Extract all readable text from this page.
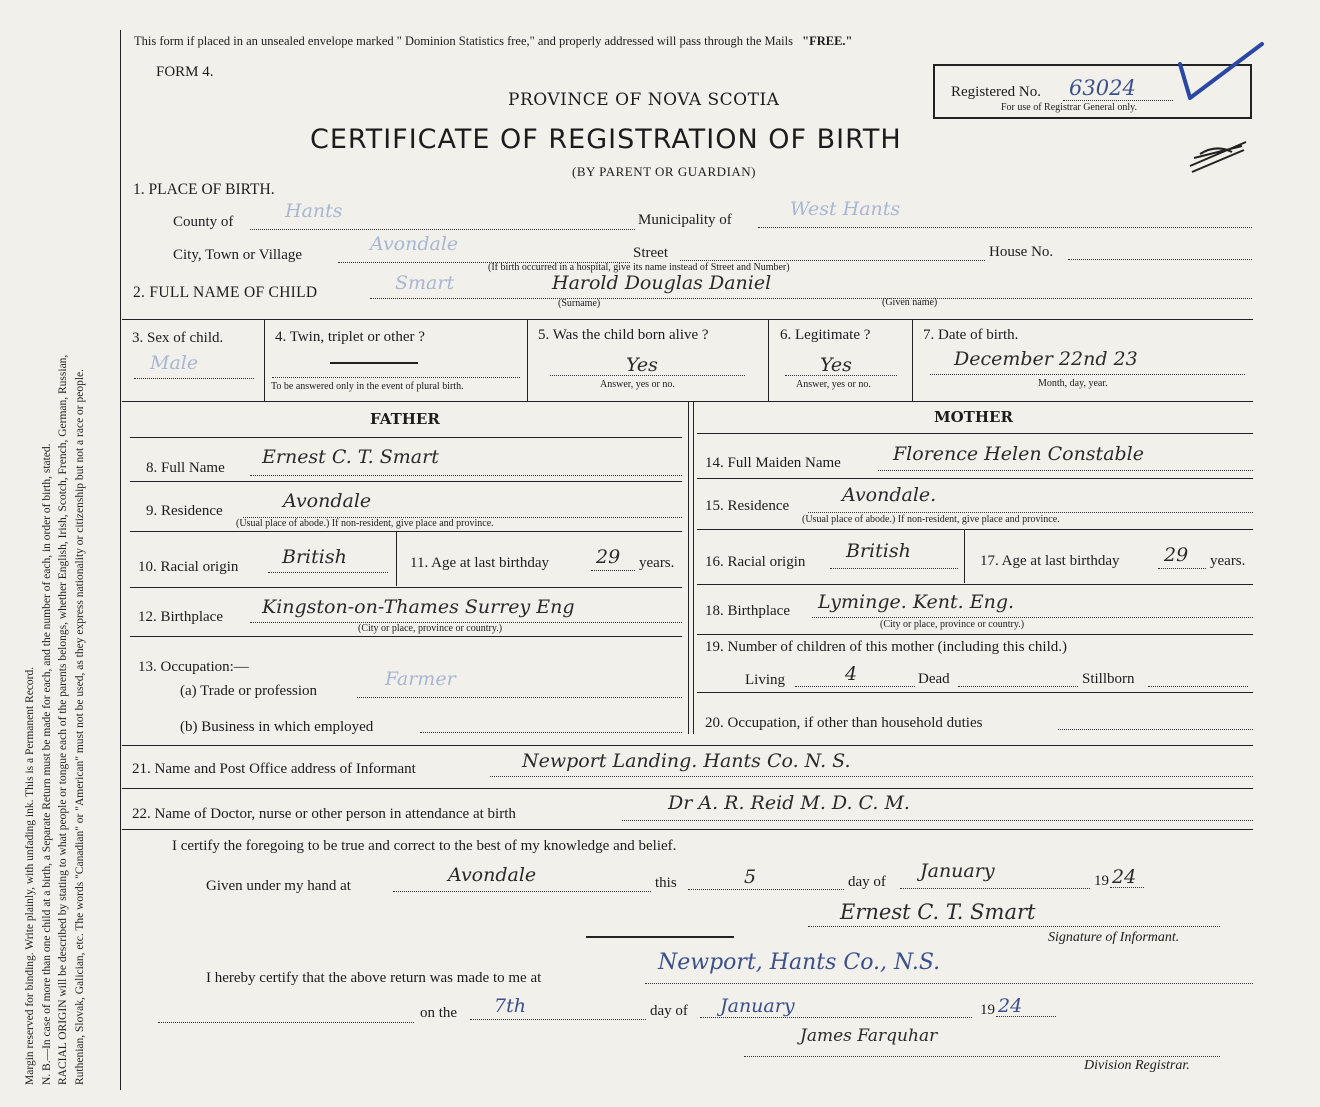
Margin reserved for binding. Write plainly, with unfading ink. This is a Permanent Record. N. B.—In case of more than one child at a birth, a Separate Return must be made for each, and the number of each, in order of birth, stated. RACIAL ORIGIN will be described by stating to what people or tongue each of the parents belongs, whether English, Irish, Scotch, French, German, Russian, Ruthenian, Slovak, Galician, etc. The words "Canadian" or "American" must not be used, as they express nationality or citizenship but not a race or people.
This form if placed in an unsealed envelope marked " Dominion Statistics free," and properly addressed will pass through the Mails "FREE."
FORM 4.
PROVINCE OF NOVA SCOTIA
CERTIFICATE OF REGISTRATION OF BIRTH
(BY PARENT OR GUARDIAN)
Registered No. 63024
For use of Registrar General only.
1. PLACE OF BIRTH.
County of	Hants	Municipality of	West Hants
City, Town or Village	Avondale	Street	House No.
(If birth occurred in a hospital, give its name instead of Street and Number)
2. FULL NAME OF CHILD	Smart	Harold Douglas Daniel
(Surname)	(Given name)
3. Sex of child.
Male
4. Twin, triplet or other ?
To be answered only in the event of plural birth.
5. Was the child born alive ?
Yes
Answer, yes or no.
6. Legitimate ?
Yes
Answer, yes or no.
7. Date of birth.
December 22nd 23
Month, day, year.
FATHER	MOTHER
8. Full Name Ernest C. T. Smart
9. Residence	Avondale
(Usual place of abode.) If non-resident, give place and province.
10. Racial origin British	11. Age at last birthday 29 years.
12. Birthplace Kingston-on-Thames Surrey Eng
(City or place, province or country.)
13. Occupation:—
(a) Trade or profession
Farmer
(b) Business in which employed
14. Full Maiden Name	Florence Helen Constable
15. Residence	Avondale.
(Usual place of abode.) If non-resident, give place and province.
16. Racial origin British	17. Age at last birthday 29 years.
18. Birthplace Lyminge. Kent. Eng.
(City or place, province or country.)
19. Number of children of this mother (including this child.)
Living	4	Dead	Stillborn
20. Occupation, if other than household duties
21. Name and Post Office address of Informant	Newport Landing. Hants Co. N. S.
22. Name of Doctor, nurse or other person in attendance at birth	Dr A. R. Reid M. D. C. M.
I certify the foregoing to be true and correct to the best of my knowledge and belief.
Given under my hand at	Avondale	this	5	day of January	19 24
Ernest C. T. Smart
Signature of Informant.
I hereby certify that the above return was made to me at
Newport, Hants Co., N.S.
on the 7th	day of January	19 24
James Farquhar
Division Registrar.
